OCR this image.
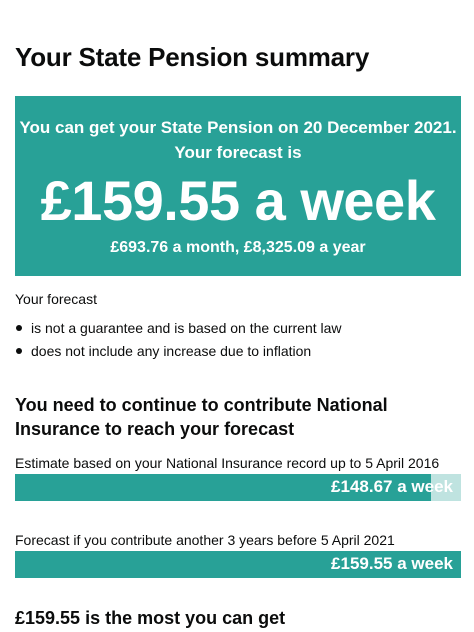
Your State Pension summary
You can get your State Pension on 20 December 2021.
Your forecast is
£159.55 a week
£693.76 a month, £8,325.09 a year
Your forecast
is not a guarantee and is based on the current law
does not include any increase due to inflation
You need to continue to contribute National Insurance to reach your forecast
Estimate based on your National Insurance record up to 5 April 2016
£148.67 a week
Forecast if you contribute another 3 years before 5 April 2021
£159.55 a week
£159.55 is the most you can get
